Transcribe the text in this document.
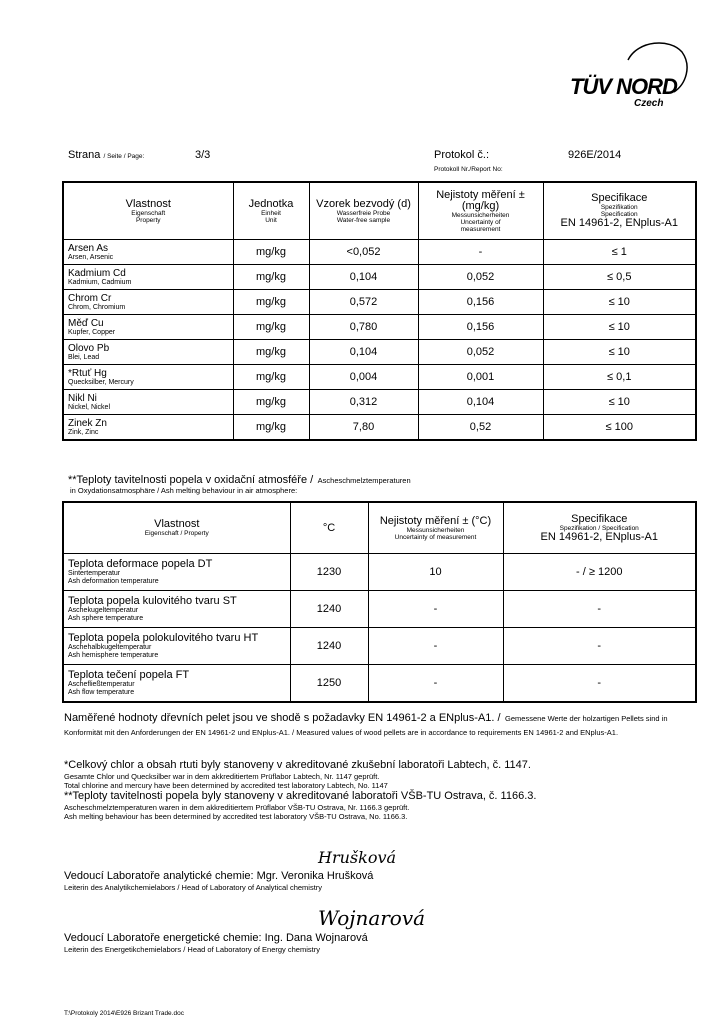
TÜV NORD
Czech
Strana / Seite / Page:	3/3	Protokol č.:
Protokoll Nr./Report No:
926E/2014
Vlastnost
Eigenschaft
Property	Jednotka
Einheit
Unit	Vzorek bezvodý (d)
Wasserfreie Probe
Water-free sample	Nejistoty měření ± (mg/kg)
Messunsicherheiten
Uncertainty of
measurement	Specifikace
Spezifikation
Specification
EN 14961-2, ENplus-A1

Arsen As
Arsen, Arsenic	mg/kg	<0,052	-	≤ 1

Kadmium Cd
Kadmium, Cadmium	mg/kg	0,104	0,052	≤ 0,5

Chrom Cr
Chrom, Chromium	mg/kg	0,572	0,156	≤ 10

Měď Cu
Kupfer, Copper	mg/kg	0,780	0,156	≤ 10

Olovo Pb
Blei, Lead	mg/kg	0,104	0,052	≤ 10

*Rtuť Hg
Quecksilber, Mercury	mg/kg	0,004	0,001	≤ 0,1

Nikl Ni
Nickel, Nickel	mg/kg	0,312	0,104	≤ 10

Zinek Zn
Zink, Zinc	mg/kg	7,80	0,52	≤ 100
**Teploty tavitelnosti popela v oxidační atmosféře / Ascheschmelztemperaturen
in Oxydationsatmosphäre / Ash melting behaviour in air atmosphere:
Vlastnost
Eigenschaft / Property	°C	Nejistoty měření ± (°C)
Messunsicherheiten
Uncertainty of measurement	Specifikace
Spezifikation / Specification
EN 14961-2, ENplus-A1

Teplota deformace popela DT
Sintertemperatur
Ash deformation temperature	1230	10	- / ≥ 1200

Teplota popela kulovitého tvaru ST
Aschekugeltemperatur
Ash sphere temperature	1240	-	-

Teplota popela polokulovitého tvaru HT
Aschehalbkugeltemperatur
Ash hemisphere temperature	1240	-	-

Teplota tečení popela FT
Aschefließtemperatur
Ash flow temperature	1250	-	-
Naměřené hodnoty dřevních pelet jsou ve shodě s požadavky EN 14961-2 a ENplus-A1. / Gemessene Werte der holzartigen Pellets sind in Konformität mit den Anforderungen der EN 14961-2 und ENplus-A1. / Measured values of wood pellets are in accordance to requirements EN 14961-2 and ENplus-A1.

*Celkový chlor a obsah rtuti byly stanoveny v akreditované zkušební laboratoři Labtech, č. 1147.

Gesamte Chlor und Quecksilber war in dem akkreditiertem Prüflabor Labtech, Nr. 1147 geprüft.

Total chlorine and mercury have been determined by accredited test laboratory Labtech, No. 1147

**Teploty tavitelnosti popela byly stanoveny v akreditované laboratoři VŠB-TU Ostrava, č. 1166.3.

Ascheschmelztemperaturen waren in dem akkreditiertem Prüflabor VŠB-TU Ostrava, Nr. 1166.3 geprüft.

Ash melting behaviour has been determined by accredited test laboratory VŠB-TU Ostrava, No. 1166.3.

Hrušková

Vedoucí Laboratoře analytické chemie: Mgr. Veronika Hrušková

Leiterin des Analytikchemielabors / Head of Laboratory of Analytical chemistry

Wojnarová

Vedoucí Laboratoře energetické chemie: Ing. Dana Wojnarová

Leiterin des Energetikchemielabors / Head of Laboratory of Energy chemistry

T:\Protokoly 2014\E926 Brizant Trade.doc
